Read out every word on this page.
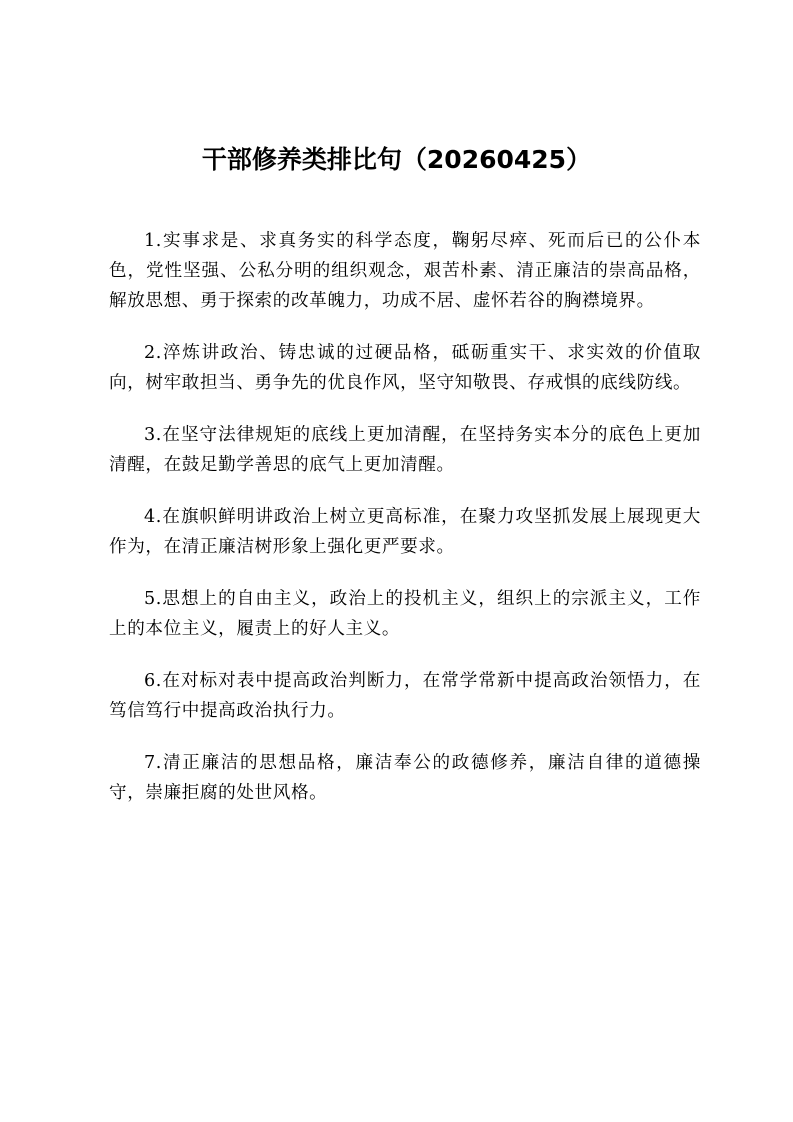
干部修养类排比句（20260425）

1.实事求是、求真务实的科学态度，鞠躬尽瘁、死而后已的公仆本色，党性坚强、公私分明的组织观念，艰苦朴素、清正廉洁的崇高品格，解放思想、勇于探索的改革魄力，功成不居、虚怀若谷的胸襟境界。

2.淬炼讲政治、铸忠诚的过硬品格，砥砺重实干、求实效的价值取向，树牢敢担当、勇争先的优良作风，坚守知敬畏、存戒惧的底线防线。

3.在坚守法律规矩的底线上更加清醒，在坚持务实本分的底色上更加清醒，在鼓足勤学善思的底气上更加清醒。

4.在旗帜鲜明讲政治上树立更高标准，在聚力攻坚抓发展上展现更大作为，在清正廉洁树形象上强化更严要求。

5.思想上的自由主义，政治上的投机主义，组织上的宗派主义，工作上的本位主义，履责上的好人主义。

6.在对标对表中提高政治判断力，在常学常新中提高政治领悟力，在笃信笃行中提高政治执行力。

7.清正廉洁的思想品格，廉洁奉公的政德修养，廉洁自律的道德操守，崇廉拒腐的处世风格。
